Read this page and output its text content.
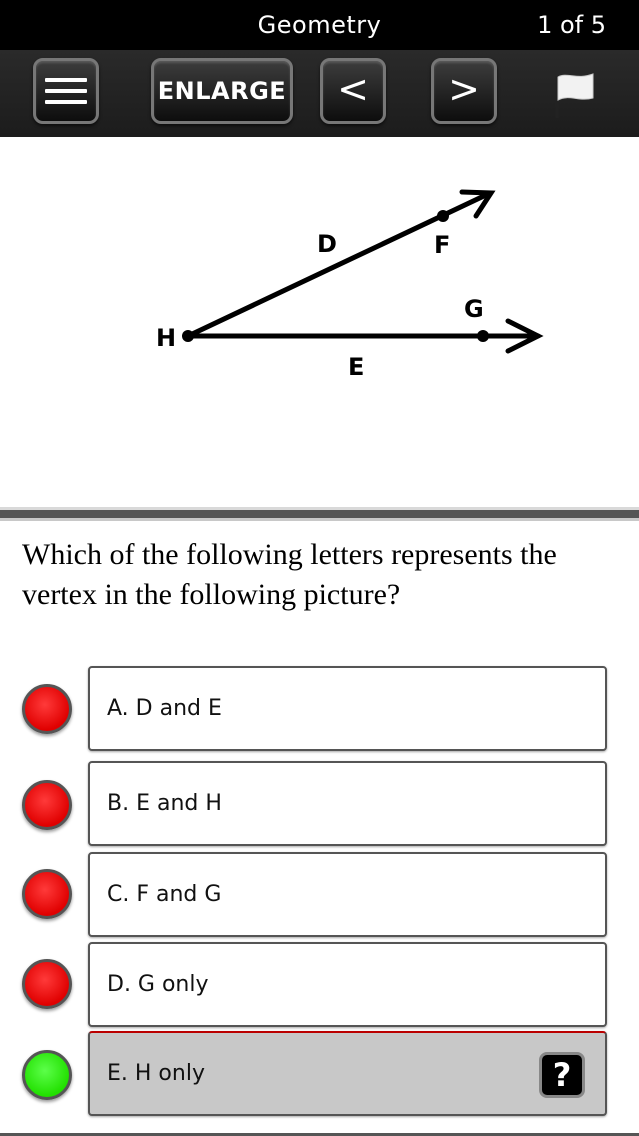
Geometry	1 of 5
ENLARGE < >
D	F
G
H
E
Which of the following letters represents the vertex in the following picture?
A. D and E
B. E and H
C. F and G
D. G only
E. H only	?
